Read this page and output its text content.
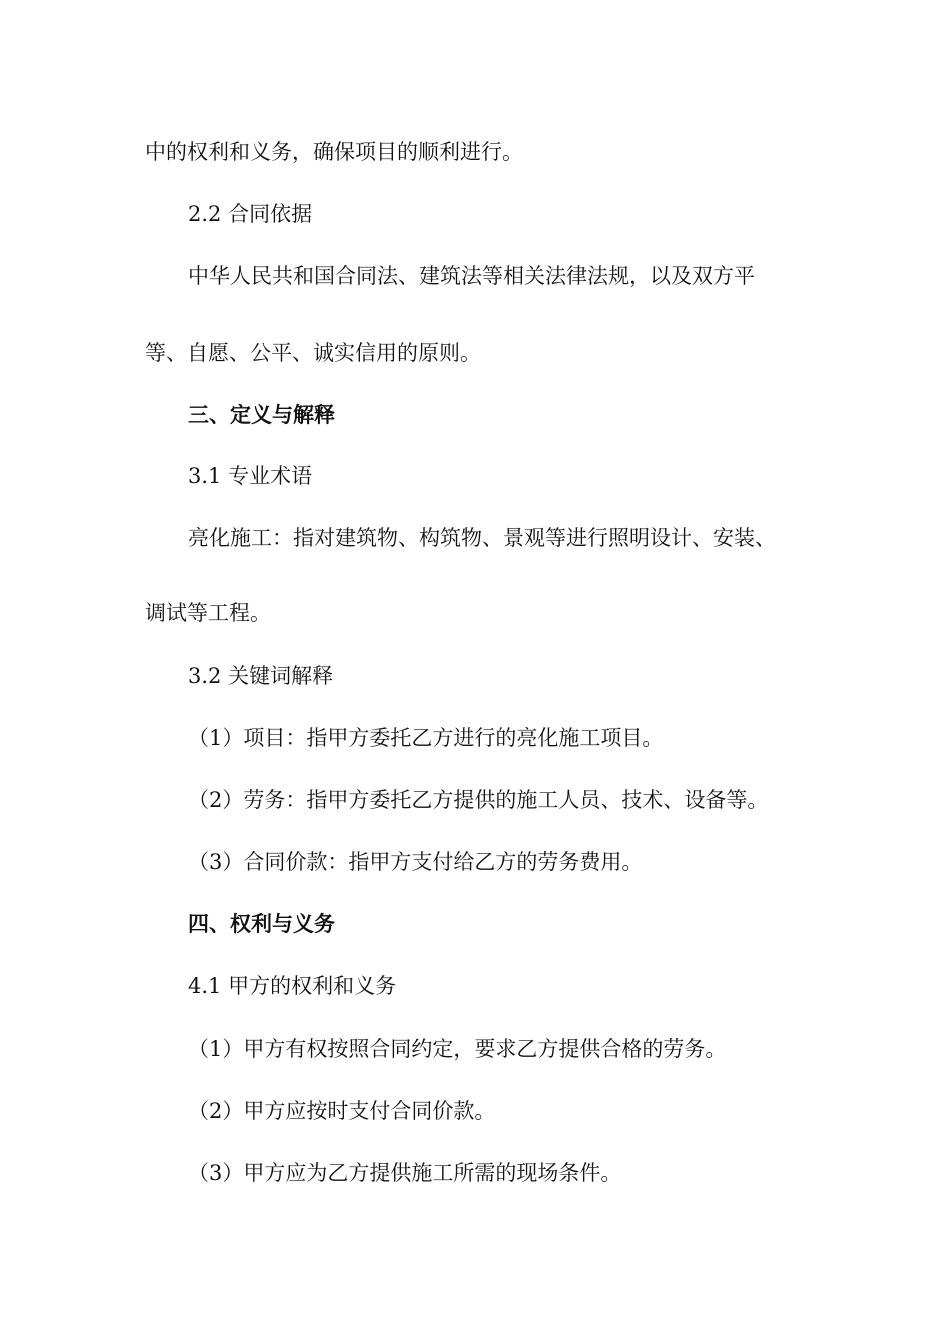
中的权利和义务，确保项目的顺利进行。
2.2 合同依据
中华人民共和国合同法、建筑法等相关法律法规，以及双方平
等、自愿、公平、诚实信用的原则。
三、定义与解释
3.1 专业术语
亮化施工：指对建筑物、构筑物、景观等进行照明设计、安装、
调试等工程。
3.2 关键词解释
（1）项目：指甲方委托乙方进行的亮化施工项目。
（2）劳务：指甲方委托乙方提供的施工人员、技术、设备等。
（3）合同价款：指甲方支付给乙方的劳务费用。
四、权利与义务
4.1 甲方的权利和义务
（1）甲方有权按照合同约定，要求乙方提供合格的劳务。
（2）甲方应按时支付合同价款。
（3）甲方应为乙方提供施工所需的现场条件。
